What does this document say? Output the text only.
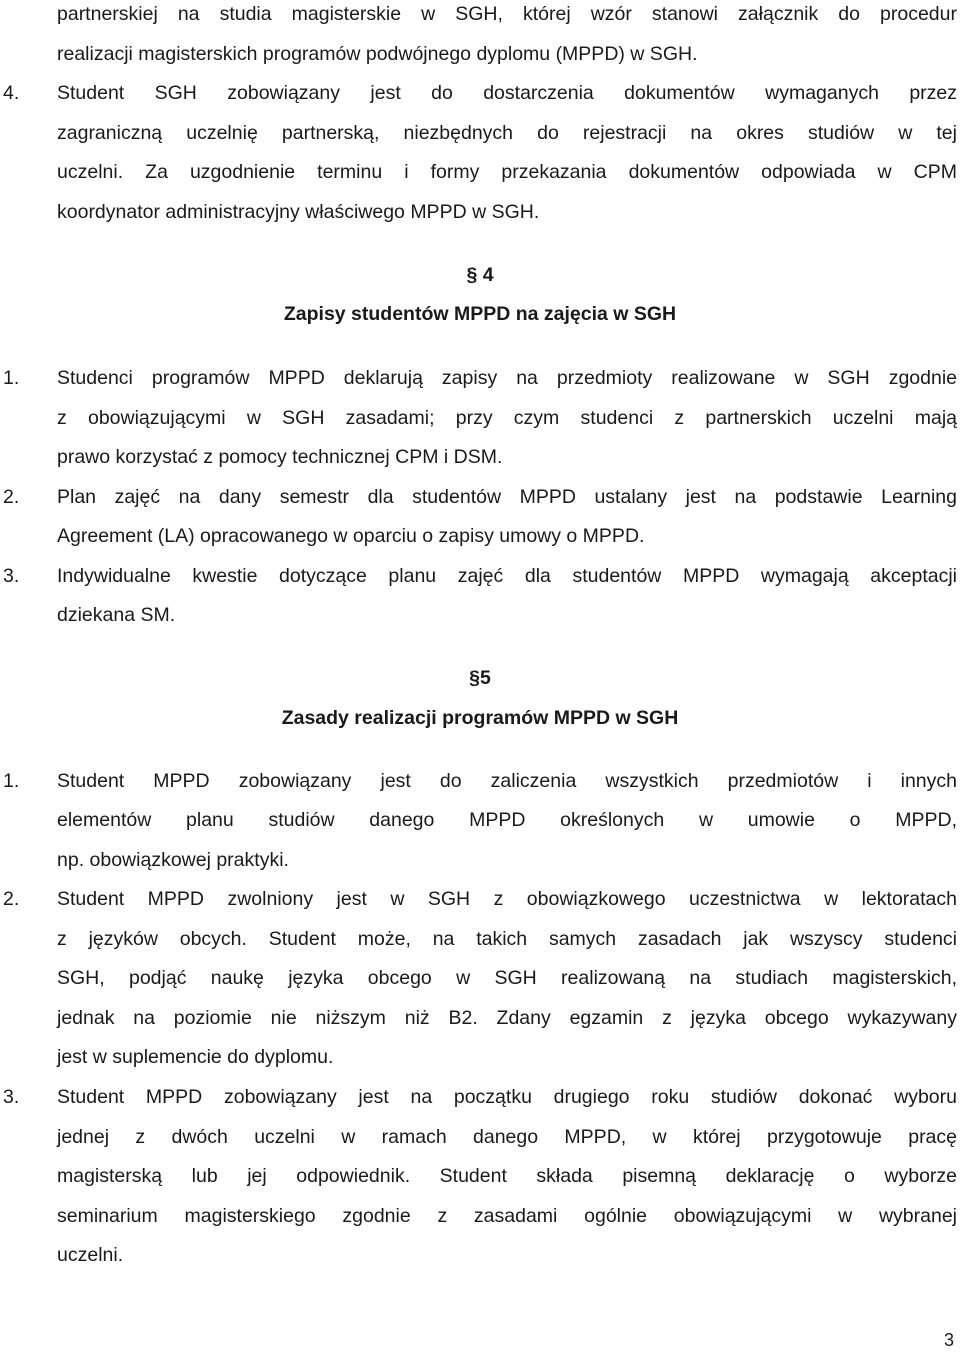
partnerskiej na studia magisterskie w SGH, której wzór stanowi załącznik do procedur
realizacji magisterskich programów podwójnego dyplomu (MPPD) w SGH.
4. Student SGH zobowiązany jest do dostarczenia dokumentów wymaganych przez
zagraniczną uczelnię partnerską, niezbędnych do rejestracji na okres studiów w tej
uczelni. Za uzgodnienie terminu i formy przekazania dokumentów odpowiada w CPM
koordynator administracyjny właściwego MPPD w SGH.
§ 4
Zapisy studentów MPPD na zajęcia w SGH
1. Studenci programów MPPD deklarują zapisy na przedmioty realizowane w SGH zgodnie
z obowiązującymi w SGH zasadami; przy czym studenci z partnerskich uczelni mają
prawo korzystać z pomocy technicznej CPM i DSM.
2. Plan zajęć na dany semestr dla studentów MPPD ustalany jest na podstawie Learning
Agreement (LA) opracowanego w oparciu o zapisy umowy o MPPD.
3. Indywidualne kwestie dotyczące planu zajęć dla studentów MPPD wymagają akceptacji
dziekana SM.
§5
Zasady realizacji programów MPPD w SGH
1. Student MPPD zobowiązany jest do zaliczenia wszystkich przedmiotów i innych
elementów planu studiów danego MPPD określonych w umowie o MPPD,
np. obowiązkowej praktyki.
2. Student MPPD zwolniony jest w SGH z obowiązkowego uczestnictwa w lektoratach
z języków obcych. Student może, na takich samych zasadach jak wszyscy studenci
SGH, podjąć naukę języka obcego w SGH realizowaną na studiach magisterskich,
jednak na poziomie nie niższym niż B2. Zdany egzamin z języka obcego wykazywany
jest w suplemencie do dyplomu.
3. Student MPPD zobowiązany jest na początku drugiego roku studiów dokonać wyboru
jednej z dwóch uczelni w ramach danego MPPD, w której przygotowuje pracę
magisterską lub jej odpowiednik. Student składa pisemną deklarację o wyborze
seminarium magisterskiego zgodnie z zasadami ogólnie obowiązującymi w wybranej
uczelni.
3
